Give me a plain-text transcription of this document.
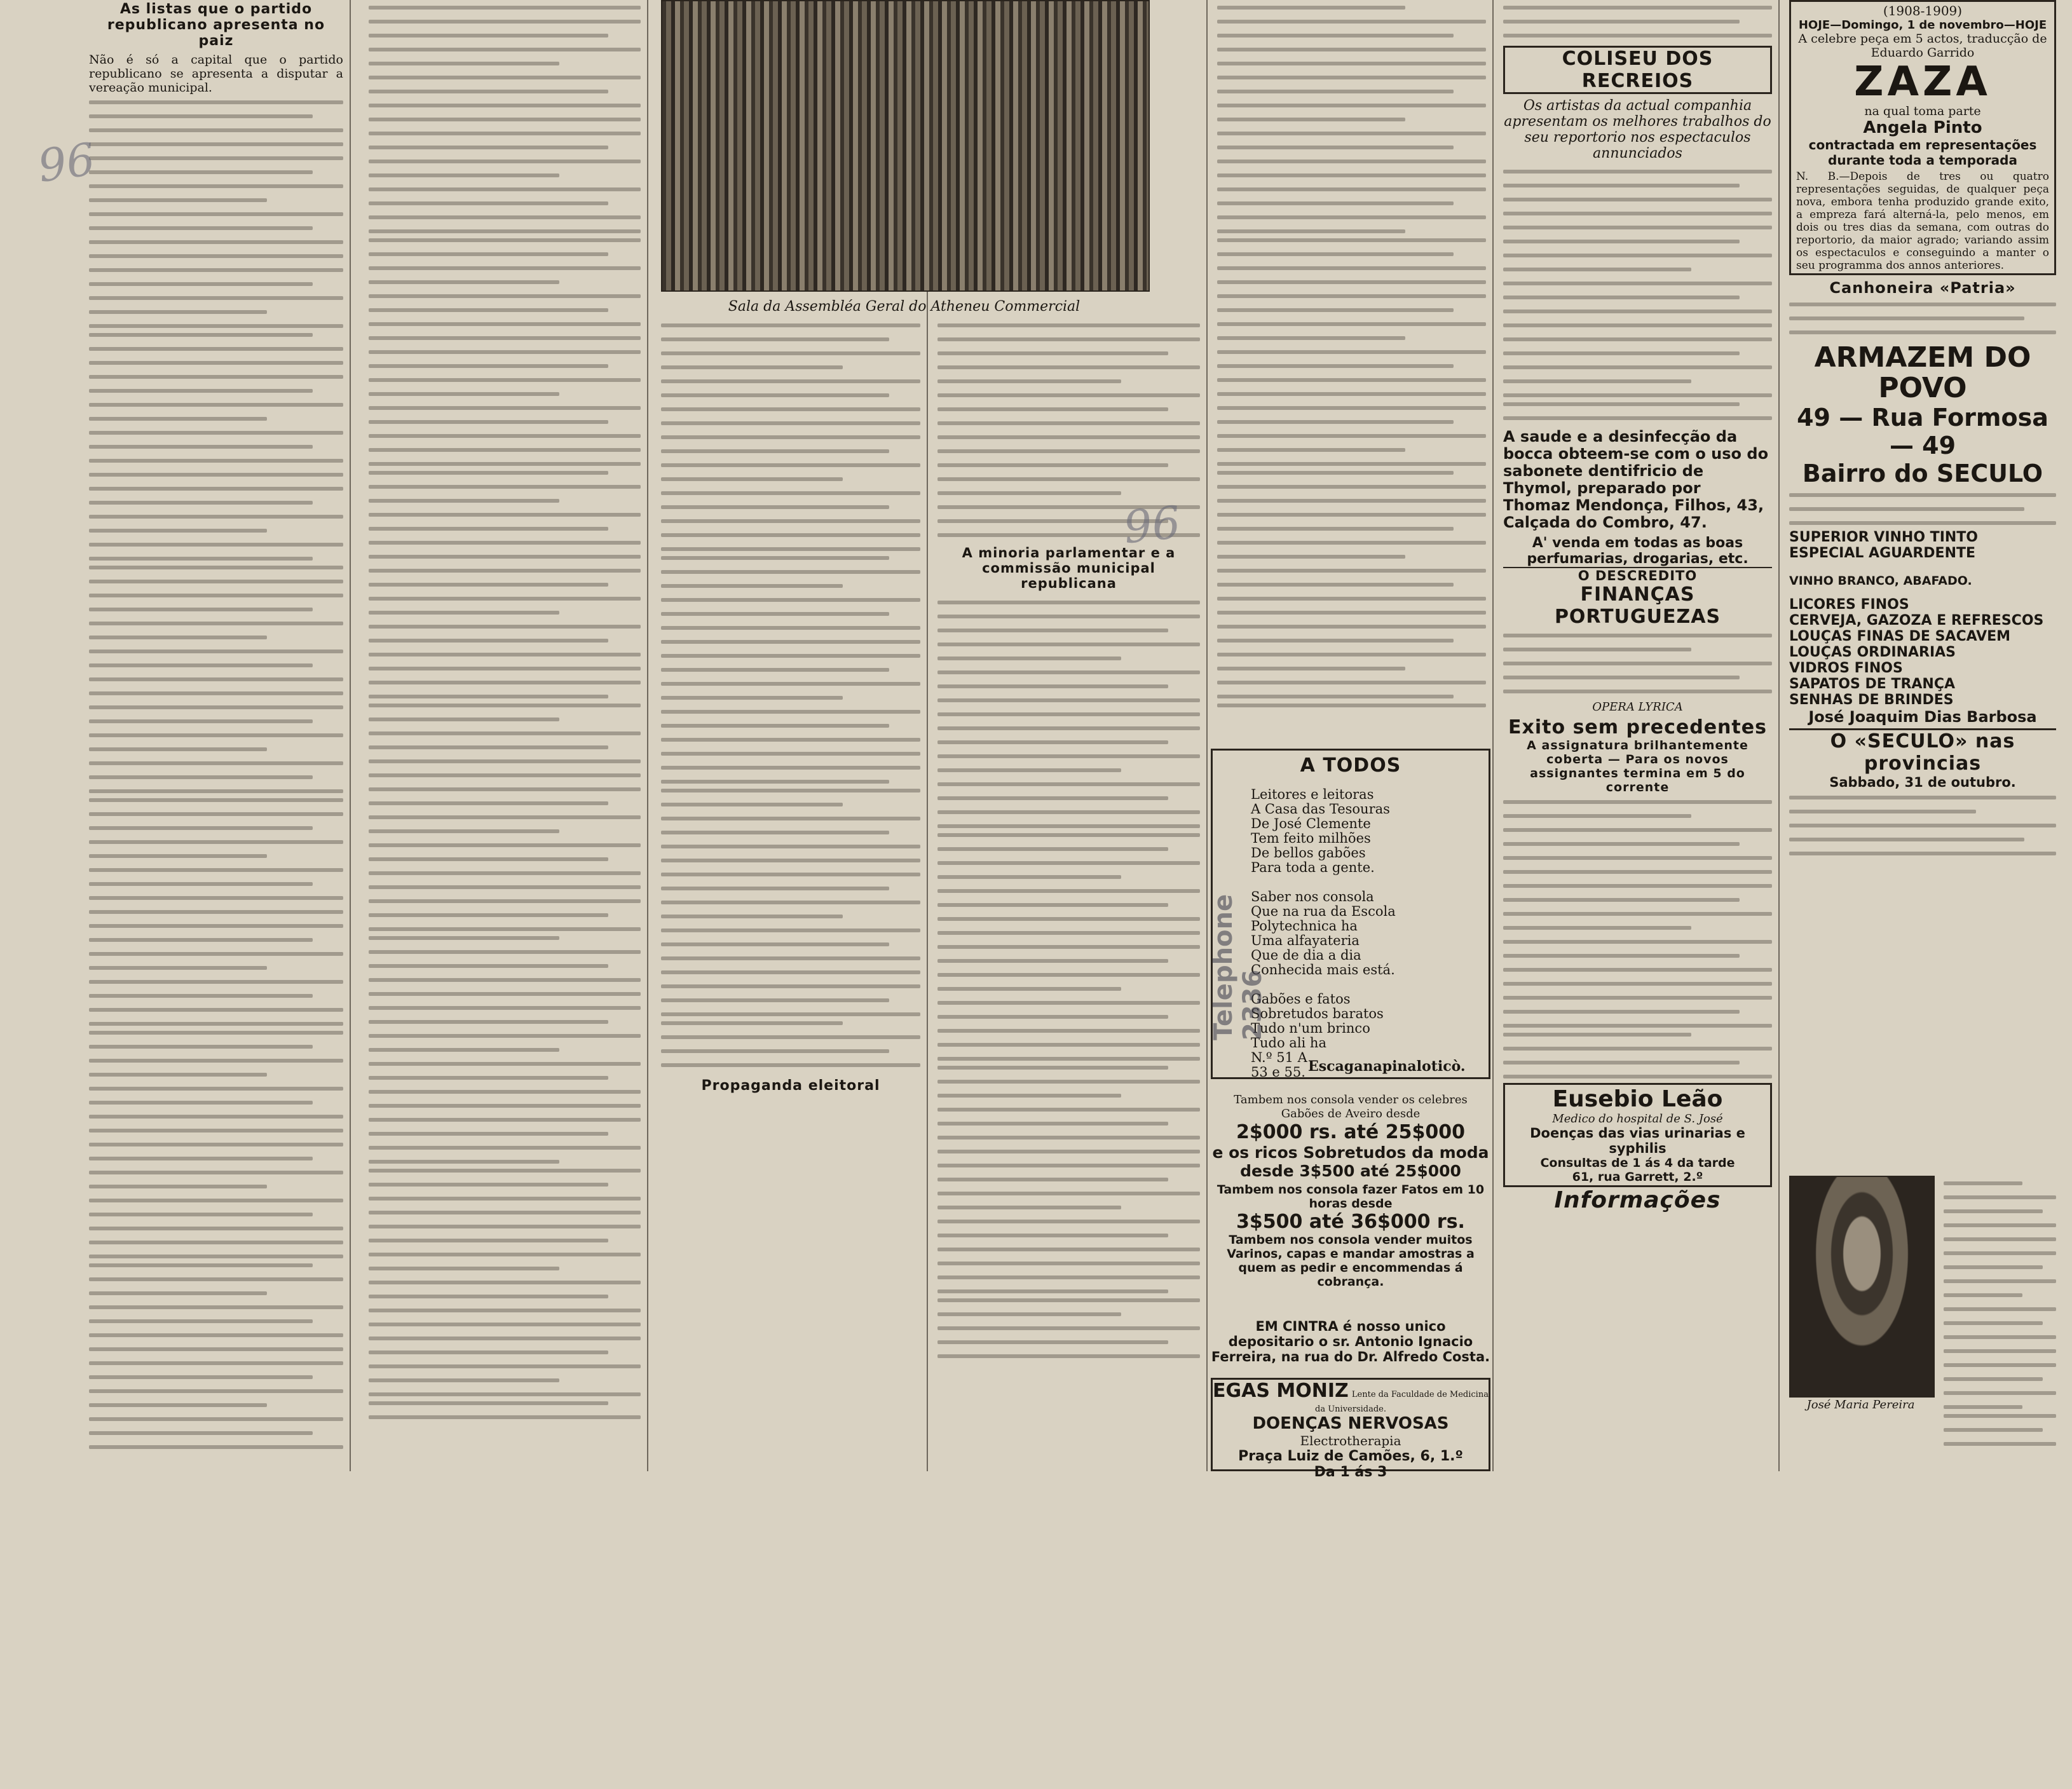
As listas que o partido republicano apresenta no paiz
Não é só a capital que o partido republicano se apresenta a disputar a vereação municipal.
Sala da Assembléa Geral do Atheneu Commercial
A minoria parlamentar e a commissão municipal republicana
Propaganda eleitoral
A TODOS
Leitores e leitoras
A Casa das Tesouras
De José Clemente
Tem feito milhões
De bellos gabões
Para toda a gente.

Saber nos consola
Que na rua da Escola
Polytechnica ha
Uma alfayateria
Que de dia a dia
Conhecida mais está.

Gabões e fatos
Sobretudos baratos
Tudo n'um brinco
Tudo ali ha
N.º 51 A
53 e 55.
Telephone 2336
Escaganapinaloticò.
Tambem nos consola vender os celebres Gabões de Aveiro desde
2$000 rs. até 25$000
e os ricos Sobretudos da moda desde 3$500 até 25$000
Tambem nos consola fazer Fatos em 10 horas desde
3$500 até 36$000 rs.
Tambem nos consola vender muitos Varinos, capas e mandar amostras a quem as pedir e encommendas á cobrança.
EM CINTRA é nosso unico depositario o sr. Antonio Ignacio Ferreira, na rua do Dr. Alfredo Costa.
EGAS MONIZ Lente da Faculdade de Medicina da Universidade.
DOENÇAS NERVOSAS
Electrotherapia
Praça Luiz de Camões, 6, 1.º
Da 1 ás 3
COLISEU DOS RECREIOS
Os artistas da actual companhia apresentam os melhores trabalhos do seu reportorio nos espectaculos annunciados
A saude e a desinfecção da bocca obteem-se com o uso do sabonete dentifricio de Thymol, preparado por Thomaz Mendonça, Filhos, 43, Calçada do Combro, 47.
A' venda em todas as boas perfumarias, drogarias, etc.
O DESCREDITO
FINANÇAS PORTUGUEZAS
OPERA LYRICA
Exito sem precedentes
A assignatura brilhantemente coberta — Para os novos assignantes termina em 5 do corrente
Eusebio Leão
Medico do hospital de S. José
Doenças das vias urinarias e syphilis
Consultas de 1 ás 4 da tarde
61, rua Garrett, 2.º
Informações
(1908-1909)
HOJE—Domingo, 1 de novembro—HOJE
A celebre peça em 5 actos, traducção de Eduardo Garrido
ZAZA
na qual toma parte
Angela Pinto
contractada em representações durante toda a temporada
N. B.—Depois de tres ou quatro representações seguidas, de qualquer peça nova, embora tenha produzido grande exito, a empreza fará alterná-la, pelo menos, em dois ou tres dias da semana, com outras do reportorio, da maior agrado; variando assim os espectaculos e conseguindo a manter o seu programma dos annos anteriores.
Canhoneira «Patria»
ARMAZEM DO POVO
49 — Rua Formosa — 49
Bairro do SECULO
SUPERIOR VINHO TINTO
ESPECIAL AGUARDENTE
VINHO BRANCO, ABAFADO.
LICORES FINOS
CERVEJA, GAZOZA E REFRESCOS
LOUÇAS FINAS DE SACAVEM
LOUÇAS ORDINARIAS
VIDROS FINOS
SAPATOS DE TRANÇA
SENHAS DE BRINDES
José Joaquim Dias Barbosa
O «SECULO» nas provincias
Sabbado, 31 de outubro.
José Maria Pereira
96
96
